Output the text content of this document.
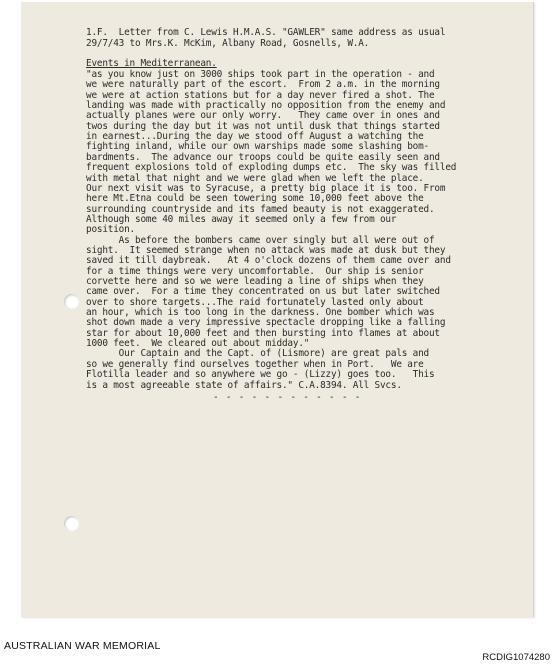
1.F.  Letter from C. Lewis H.M.A.S. "GAWLER" same address as usual
29/7/43 to Mrs.K. McKim, Albany Road, Gosnells, W.A.
Events in Mediterranean.
"as you know just on 3000 ships took part in the operation - and
we were naturally part of the escort.  From 2 a.m. in the morning
we were at action stations but for a day never fired a shot. The
landing was made with practically no opposition from the enemy and
actually planes were our only worry.   They came over in ones and
twos during the day but it was not until dusk that things started
in earnest...During the day we stood off August a watching the
fighting inland, while our own warships made some slashing bom-
bardments.  The advance our troops could be quite easily seen and
frequent explosions told of exploding dumps etc.  The sky was filled
with metal that night and we were glad when we left the place.
Our next visit was to Syracuse, a pretty big place it is too. From
here Mt.Etna could be seen towering some 10,000 feet above the
surrounding countryside and its famed beauty is not exaggerated.
Although some 40 miles away it seemed only a few from our
position.
As before the bombers came over singly but all were out of
sight.  It seemed strange when no attack was made at dusk but they
saved it till daybreak.   At 4 o'clock dozens of them came over and
for a time things were very uncomfortable.  Our ship is senior
corvette here and so we were leading a line of ships when they
came over.  For a time they concentrated on us but later switched
over to shore targets...The raid fortunately lasted only about
an hour, which is too long in the darkness. One bomber which was
shot down made a very impressive spectacle dropping like a falling
star for about 10,000 feet and then bursting into flames at about
1000 feet.  We cleared out about midday."
Our Captain and the Capt. of (Lismore) are great pals and
so we generally find ourselves together when in Port.   We are
Flotilla leader and so anywhere we go - (Lizzy) goes too.   This
is a most agreeable state of affairs." C.A.8394. All Svcs.
- - - - - - - - - - - -
AUSTRALIAN WAR MEMORIAL
RCDIG1074280
